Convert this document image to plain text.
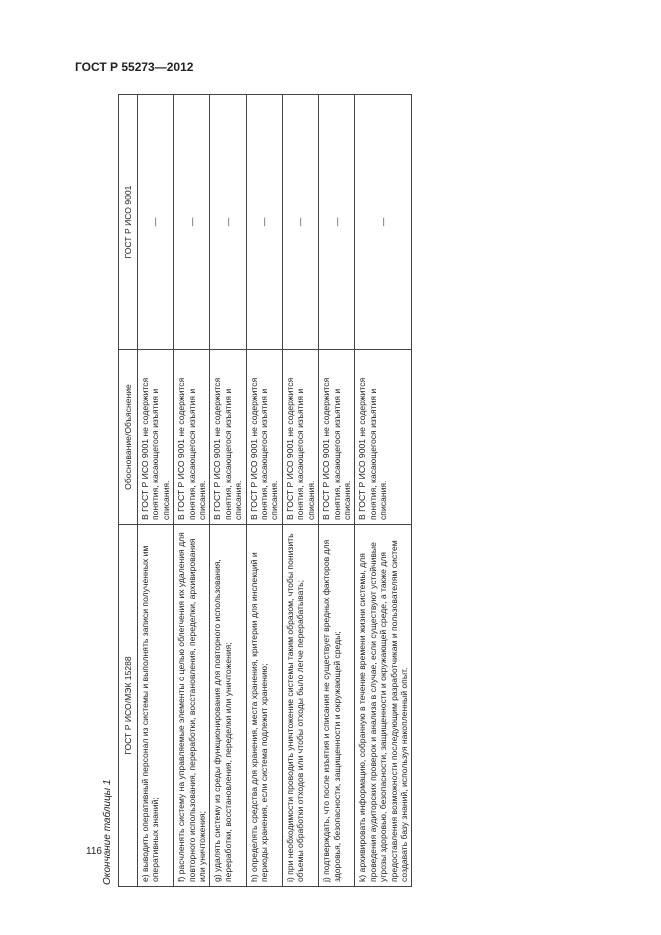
ГОСТ Р 55273—2012
116 Окончание таблицы 1
ГОСТ Р ИСО/МЭК 15288	Обоснование/Объяснение	ГОСТ Р ИСО 9001
e) выводить оперативный персонал из системы и выполнять записи полученных им оперативных знаний;	В ГОСТ Р ИСО 9001 не содержится понятия, касающегося изъятия и списания.	—
f) расчленять систему на управляемые элементы с целью облегчения их удаления для повторного использования, переработки, восстановления, переделки, архивирования или уничтожения;	В ГОСТ Р ИСО 9001 не содержится понятия, касающегося изъятия и списания.	—
g) удалять систему из среды функционирования для повторного использования, переработки, восстановления, переделки или уничтожения;	В ГОСТ Р ИСО 9001 не содержится понятия, касающегося изъятия и списания.	—
h) определять средства для хранения, места хранения, критерии для инспекций и периоды хранения, если система подлежит хранению;	В ГОСТ Р ИСО 9001 не содержится понятия, касающегося изъятия и списания.	—
i) при необходимости проводить уничтожение системы таким образом, чтобы понизить объемы обработки отходов или чтобы отходы было легче перерабатывать;	В ГОСТ Р ИСО 9001 не содержится понятия, касающегося изъятия и списания.	—
j) подтверждать, что после изъятия и списания не существует вредных факторов для здоровья, безопасности, защищенности и окружающей среды;	В ГОСТ Р ИСО 9001 не содержится понятия, касающегося изъятия и списания.	—
k) архивировать информацию, собранную в течение времени жизни системы, для проведения аудиторских проверок и анализа в случае, если существуют устойчивые угрозы здоровью, безопасности, защищенности и окружающей среде, а также для предоставления возможности последующим разработчикам и пользователям систем создавать базу знаний, используя накопленный опыт.	В ГОСТ Р ИСО 9001 не содержится понятия, касающегося изъятия и списания.	—
